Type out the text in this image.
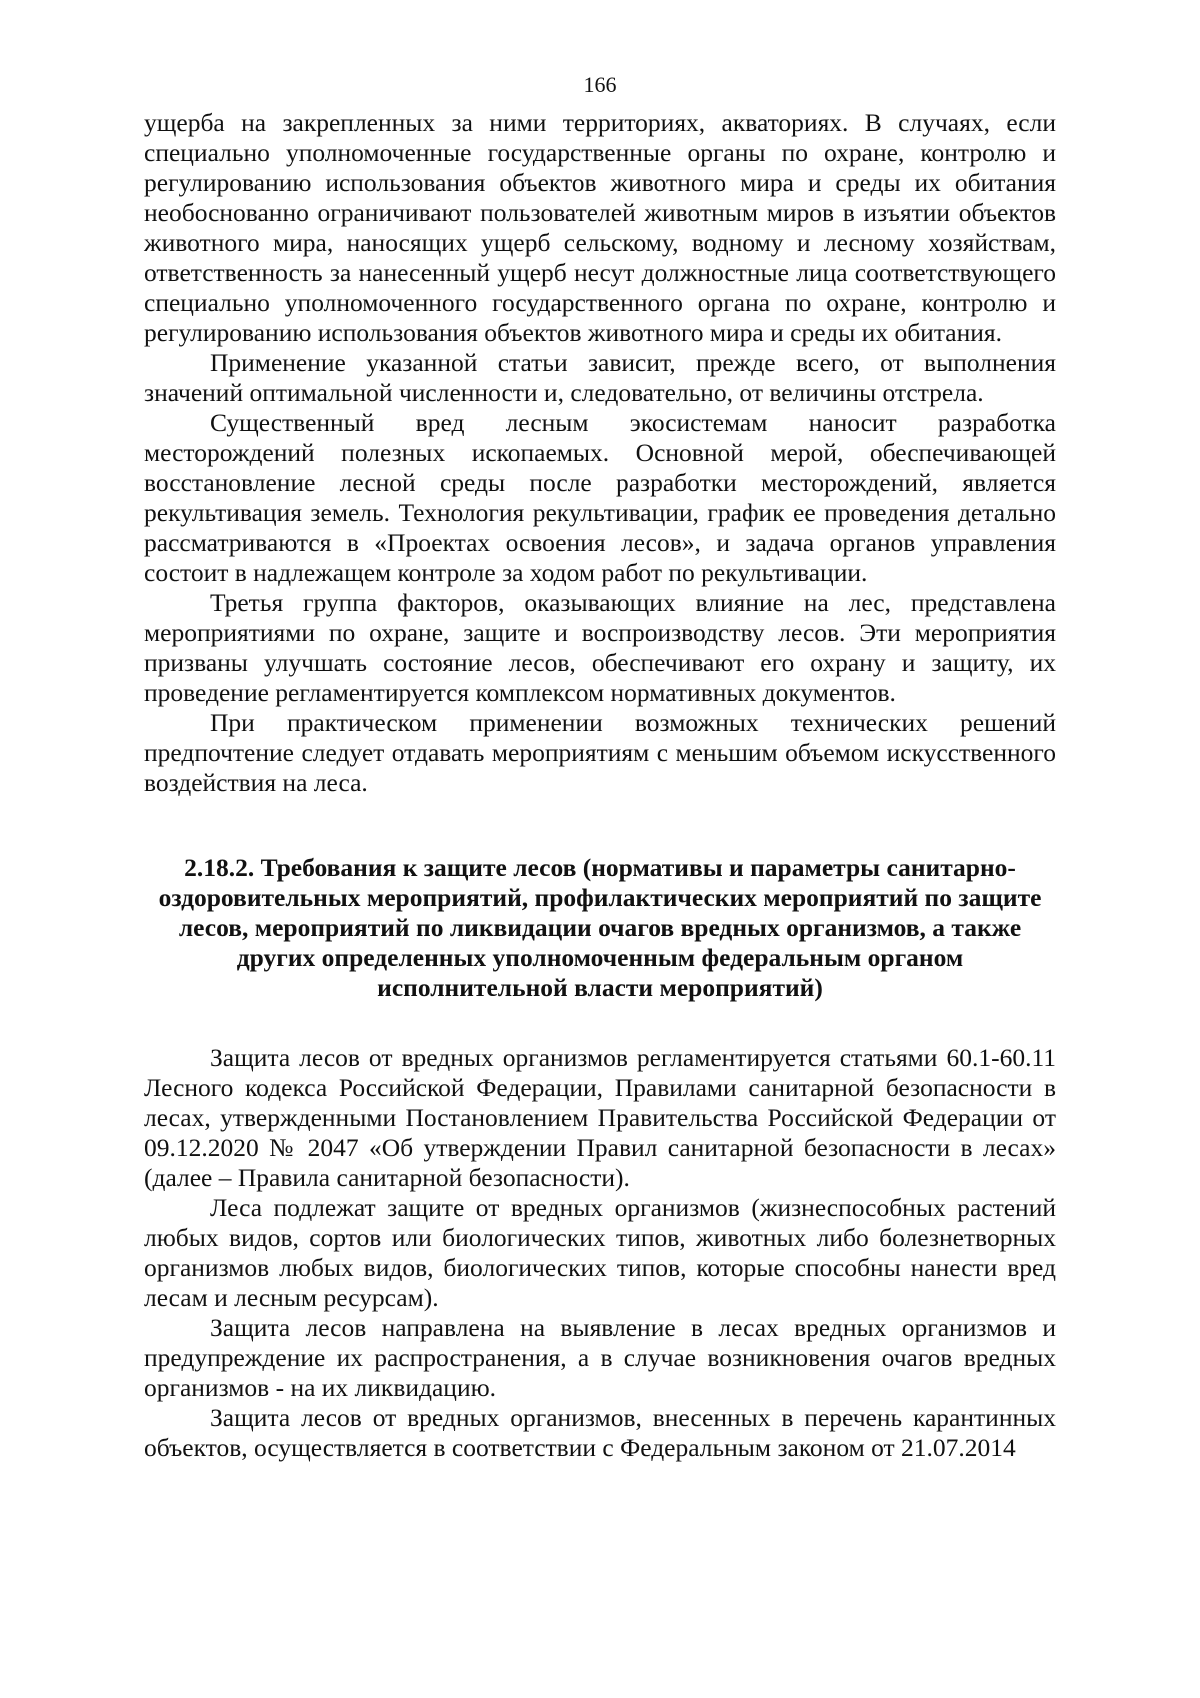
166

ущерба на закрепленных за ними территориях, акваториях. В случаях, если специально уполномоченные государственные органы по охране, контролю и регулированию использования объектов животного мира и среды их обитания необоснованно ограничивают пользователей животным миров в изъятии объектов животного мира, наносящих ущерб сельскому, водному и лесному хозяйствам, ответственность за нанесенный ущерб несут должностные лица соответствующего специально уполномоченного государственного органа по охране, контролю и регулированию использования объектов животного мира и среды их обитания.

Применение указанной статьи зависит, прежде всего, от выполнения значений оптимальной численности и, следовательно, от величины отстрела.

Существенный вред лесным экосистемам наносит разработка месторождений полезных ископаемых. Основной мерой, обеспечивающей восстановление лесной среды после разработки месторождений, является рекультивация земель. Технология рекультивации, график ее проведения детально рассматриваются в «Проектах освоения лесов», и задача органов управления состоит в надлежащем контроле за ходом работ по рекультивации.

Третья группа факторов, оказывающих влияние на лес, представлена мероприятиями по охране, защите и воспроизводству лесов. Эти мероприятия призваны улучшать состояние лесов, обеспечивают его охрану и защиту, их проведение регламентируется комплексом нормативных документов.

При практическом применении возможных технических решений предпочтение следует отдавать мероприятиям с меньшим объемом искусственного воздействия на леса.

2.18.2. Требования к защите лесов (нормативы и параметры санитарно-оздоровительных мероприятий, профилактических мероприятий по защите лесов, мероприятий по ликвидации очагов вредных организмов, а также других определенных уполномоченным федеральным органом исполнительной власти мероприятий)

Защита лесов от вредных организмов регламентируется статьями 60.1-60.11 Лесного кодекса Российской Федерации, Правилами санитарной безопасности в лесах, утвержденными Постановлением Правительства Российской Федерации от 09.12.2020 № 2047 «Об утверждении Правил санитарной безопасности в лесах» (далее – Правила санитарной безопасности).

Леса подлежат защите от вредных организмов (жизнеспособных растений любых видов, сортов или биологических типов, животных либо болезнетворных организмов любых видов, биологических типов, которые способны нанести вред лесам и лесным ресурсам).

Защита лесов направлена на выявление в лесах вредных организмов и предупреждение их распространения, а в случае возникновения очагов вредных организмов - на их ликвидацию.

Защита лесов от вредных организмов, внесенных в перечень карантинных объектов, осуществляется в соответствии с Федеральным законом от 21.07.2014
